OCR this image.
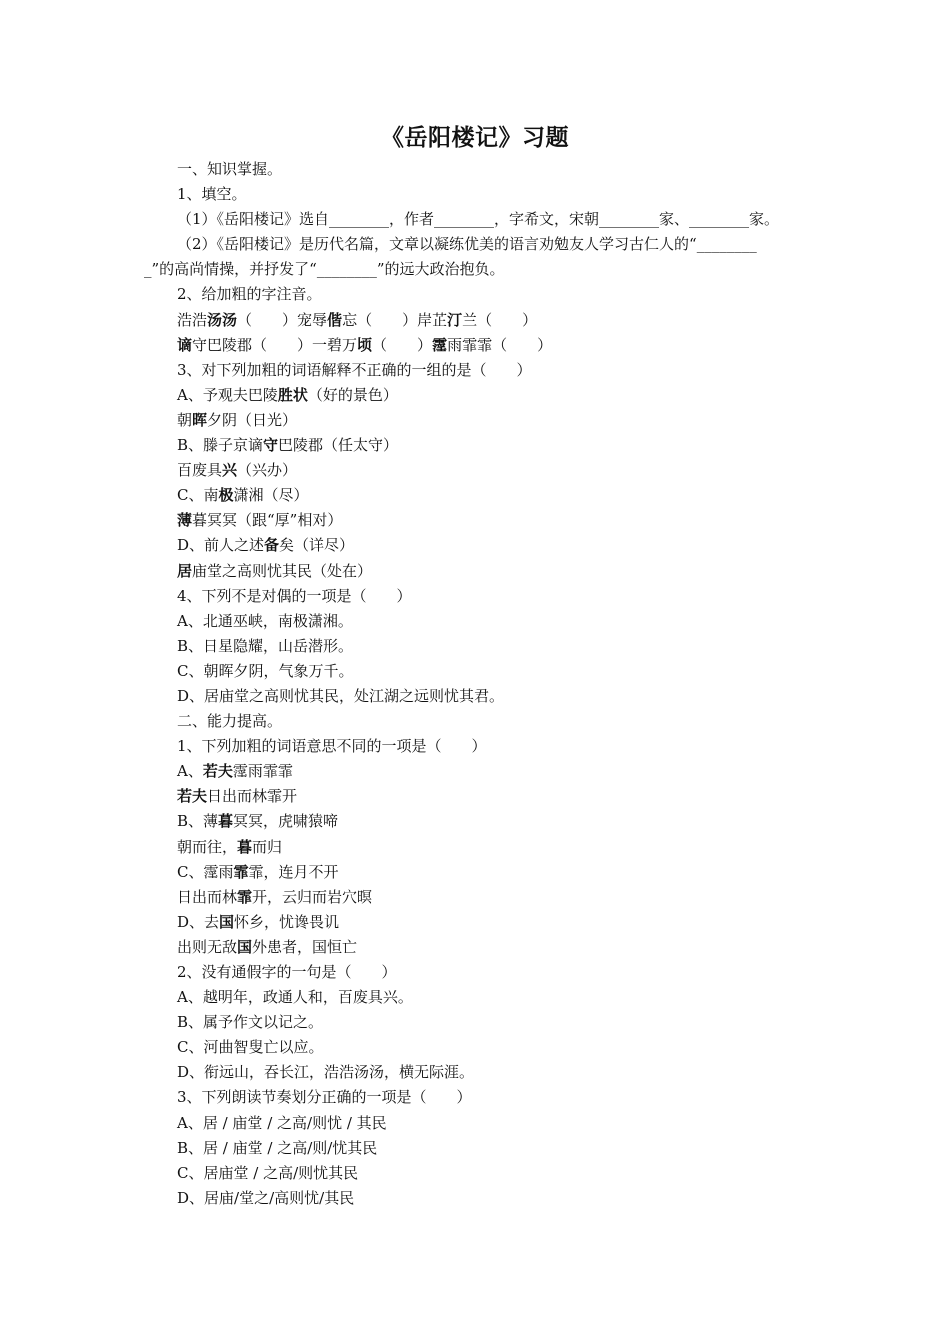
《岳阳楼记》习题
一、知识掌握。
1、填空。
（1）《岳阳楼记》选自________，作者________，字希文，宋朝________家、________家。
（2）《岳阳楼记》是历代名篇，文章以凝练优美的语言劝勉友人学习古仁人的“________
_”的高尚情操，并抒发了“________”的远大政治抱负。
2、给加粗的字注音。
浩浩汤汤（　　）宠辱偕忘（　　）岸芷汀兰（　　）
谪守巴陵郡（　　）一碧万顷（　　）霪雨霏霏（　　）
3、对下列加粗的词语解释不正确的一组的是（　　）
A、予观夫巴陵胜状（好的景色）
朝晖夕阴（日光）
B、滕子京谪守巴陵郡（任太守）
百废具兴（兴办）
C、南极潇湘（尽）
薄暮冥冥（跟“厚”相对）
D、前人之述备矣（详尽）
居庙堂之高则忧其民（处在）
4、下列不是对偶的一项是（　　）
A、北通巫峡，南极潇湘。
B、日星隐耀，山岳潜形。
C、朝晖夕阴，气象万千。
D、居庙堂之高则忧其民，处江湖之远则忧其君。
二、能力提高。
1、下列加粗的词语意思不同的一项是（　　）
A、若夫霪雨霏霏
若夫日出而林霏开
B、薄暮冥冥，虎啸猿啼
朝而往，暮而归
C、霪雨霏霏，连月不开
日出而林霏开，云归而岩穴暝
D、去国怀乡，忧谗畏讥
出则无敌国外患者，国恒亡
2、没有通假字的一句是（　　）
A、越明年，政通人和，百废具兴。
B、属予作文以记之。
C、河曲智叟亡以应。
D、衔远山，吞长江，浩浩汤汤，横无际涯。
3、下列朗读节奏划分正确的一项是（　　）
A、居 / 庙堂 / 之高/则忧 / 其民
B、居 / 庙堂 / 之高/则/忧其民
C、居庙堂 / 之高/则忧其民
D、居庙/堂之/高则忧/其民
